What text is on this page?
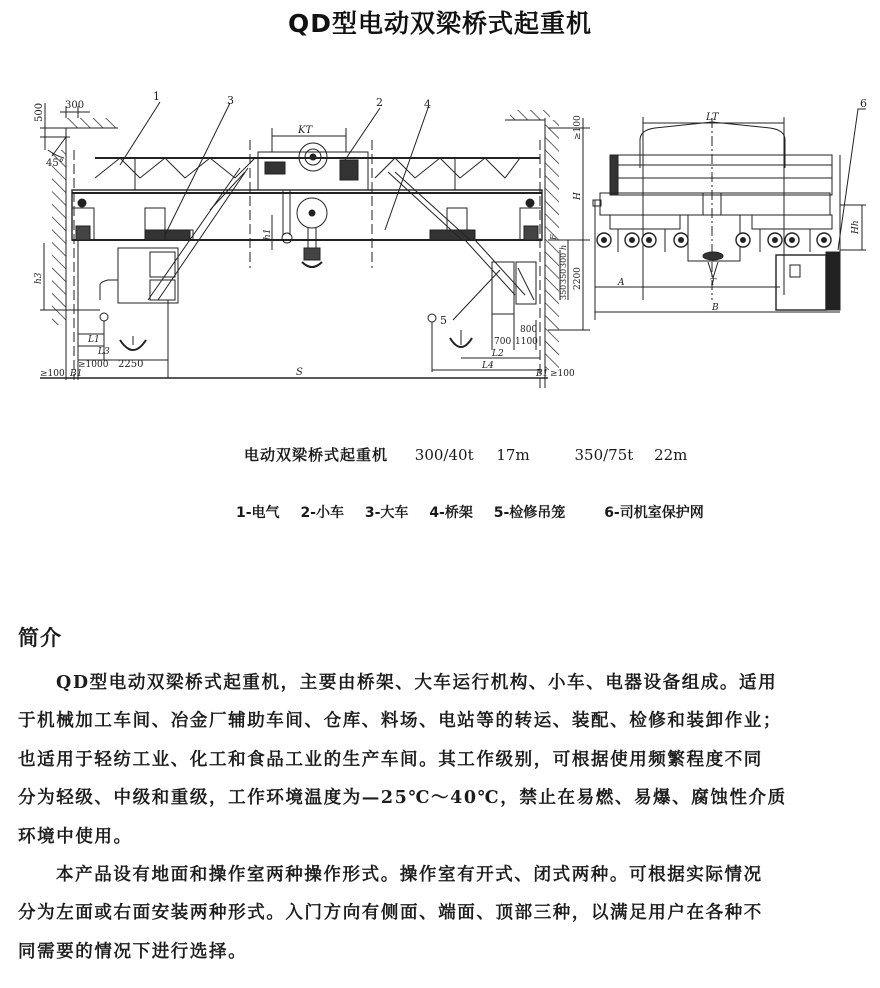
QD型电动双梁桥式起重机
1	2
3	4
5
6
500 300
45°
KT
h1
h3
L1
L3
≥1000 2250
S
≥100 B1	B1 ≥100
≥100
H
F
h
350
350
300
2200
800
700 1100
L2
L4
LT
Hh
A	T
B
电动双梁桥式起重机 300/40t 17m	350/75t 22m
1-电气 2-小车 3-大车 4-桥架 5-检修吊笼	6-司机室保护网
简介
QD型电动双梁桥式起重机，主要由桥架、大车运行机构、小车、电器设备组成。适用
于机械加工车间、冶金厂辅助车间、仓库、料场、电站等的转运、装配、检修和装卸作业；
也适用于轻纺工业、化工和食品工业的生产车间。其工作级别，可根据使用频繁程度不同
分为轻级、中级和重级，工作环境温度为—25℃～40℃，禁止在易燃、易爆、腐蚀性介质
环境中使用。
本产品设有地面和操作室两种操作形式。操作室有开式、闭式两种。可根据实际情况
分为左面或右面安装两种形式。入门方向有侧面、端面、顶部三种，以满足用户在各种不
同需要的情况下进行选择。
